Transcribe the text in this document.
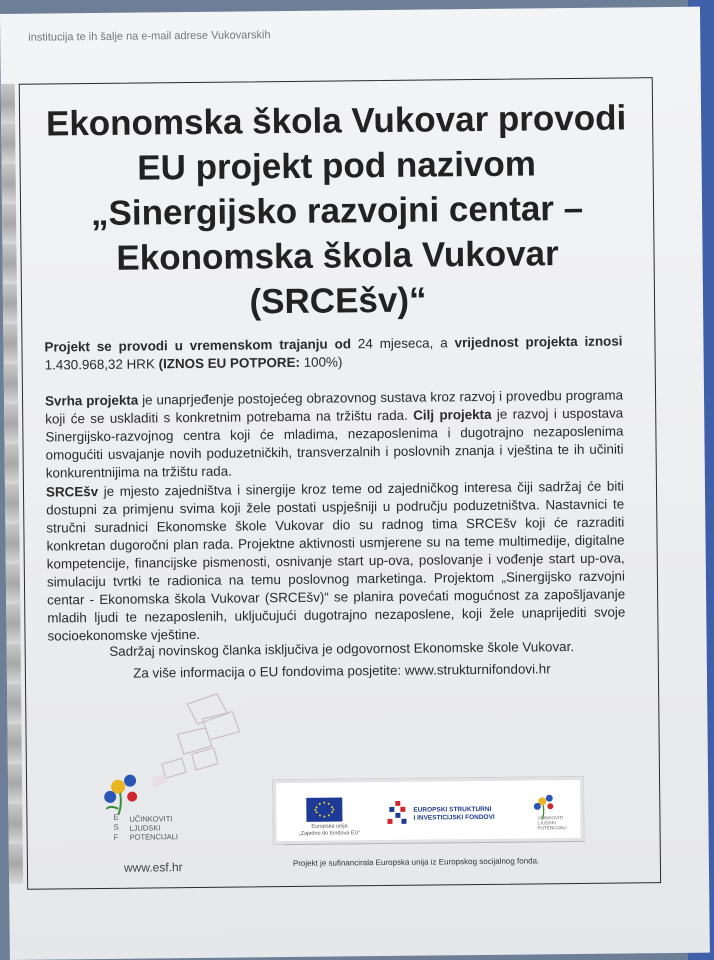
institucija te ih šalje na e-mail adrese Vukovarskih
Ekonomska škola Vukovar provodi EU projekt pod nazivom „Sinergijsko razvojni centar – Ekonomska škola Vukovar (SRCEšv)“

Projekt se provodi u vremenskom trajanju od 24 mjeseca, a vrijednost projekta iznosi 1.430.968,32 HRK (IZNOS EU POTPORE: 100%)

Svrha projekta je unaprjeđenje postojećeg obrazovnog sustava kroz razvoj i provedbu programa koji će se uskladiti s konkretnim potrebama na tržištu rada. Cilj projekta je razvoj i uspostava Sinergijsko-razvojnog centra koji će mladima, nezaposlenima i dugotrajno nezaposlenima omogućiti usvajanje novih poduzetničkih, transverzalnih i poslovnih znanja i vještina te ih učiniti konkurentnijima na tržištu rada.

SRCEšv je mjesto zajedništva i sinergije kroz teme od zajedničkog interesa čiji sadržaj će biti dostupni za primjenu svima koji žele postati uspješniji u području poduzetništva. Nastavnici te stručni suradnici Ekonomske škole Vukovar dio su radnog tima SRCEšv koji će razraditi konkretan dugoročni plan rada. Projektne aktivnosti usmjerene su na teme multimedije, digitalne kompetencije, financijske pismenosti, osnivanje start up-ova, poslovanje i vođenje start up-ova, simulaciju tvrtki te radionica na temu poslovnog marketinga. Projektom „Sinergijsko razvojni centar - Ekonomska škola Vukovar (SRCEšv)“ se planira povećati mogućnost za zapošljavanje mladih ljudi te nezaposlenih, uključujući dugotrajno nezaposlene, koji žele unaprijediti svoje socioekonomske vještine.

Sadržaj novinskog članka isključiva je odgovornost Ekonomske škole Vukovar.
Za više informacija o EU fondovima posjetite: www.strukturnifondovi.hr
E
S
F
UČINKOVITI
LJUDSKI
POTENCIJALI
www.esf.hr
Europska unija
„Zajedno do fondova EU“
EUROPSKI STRUKTURNI
I INVESTICIJSKI FONDOVI	UČINKOVITI
LJUDSKI
POTENCIJALI
Projekt je sufinancirala Europska unija iz Europskog socijalnog fonda.
